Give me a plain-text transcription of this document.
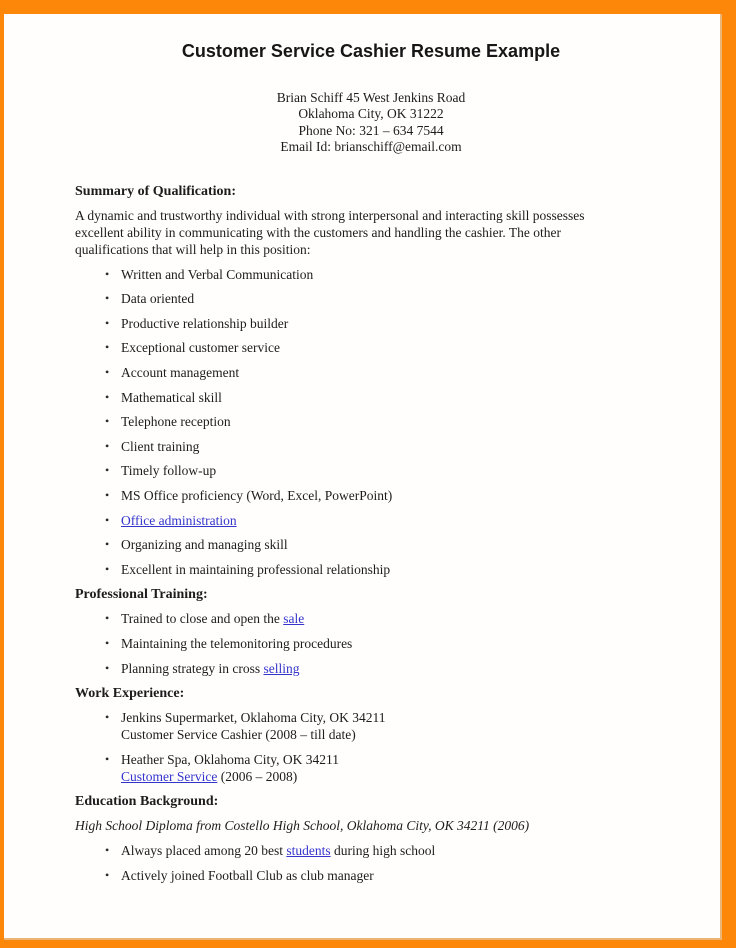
Customer Service Cashier Resume Example
Brian Schiff 45 West Jenkins Road
Oklahoma City, OK 31222
Phone No: 321 – 634 7544
Email Id: brianschiff@email.com
Summary of Qualification:

A dynamic and trustworthy individual with strong interpersonal and interacting skill possesses excellent ability in communicating with the customers and handling the cashier. The other qualifications that will help in this position:

• Written and Verbal Communication
• Data oriented
• Productive relationship builder
• Exceptional customer service
• Account management
• Mathematical skill
• Telephone reception
• Client training
• Timely follow-up
• MS Office proficiency (Word, Excel, PowerPoint)
• Office administration
• Organizing and managing skill
• Excellent in maintaining professional relationship
Professional Training:
• Trained to close and open the sale
• Maintaining the telemonitoring procedures
• Planning strategy in cross selling
Work Experience:
• Jenkins Supermarket, Oklahoma City, OK 34211
Customer Service Cashier (2008 – till date)
• Heather Spa, Oklahoma City, OK 34211
Customer Service (2006 – 2008)
Education Background:

High School Diploma from Costello High School, Oklahoma City, OK 34211 (2006)

• Always placed among 20 best students during high school
• Actively joined Football Club as club manager
